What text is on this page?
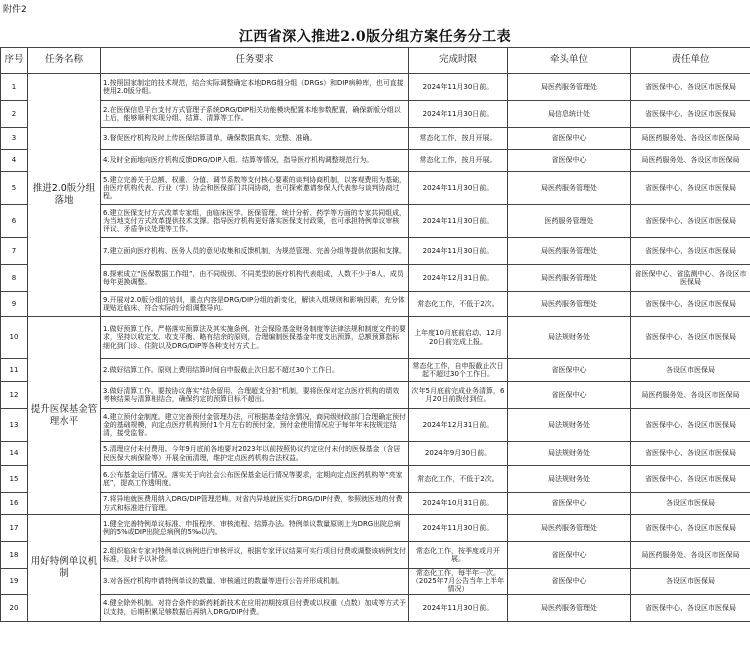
附件2
江西省深入推进2.0版分组方案任务分工表
序号	任务名称	任务要求	完成时限	牵头单位	责任单位
1	推进2.0版分组落地	1.按照国家制定的技术规范，结合实际调整确定本地DRG细分组（DRGs）和DIP病种库，也可直接使用2.0版分组。	2024年11月30日前。	局医药服务管理处	省医保中心、各设区市医保局
2		2.在医保信息平台支付方式管理子系统DRG/DIP相关功能模块配置本地参数配置，确保新版分组以上后，能够顺利实现分组、结算、清算等工作。	2024年11月30日前。	局信息统计处	省医保中心、各设区市医保局
3		3.督促医疗机构及时上传医保结算清单，确保数据真实、完整、准确。	常态化工作，按月开展。	省医保中心	局医药服务处、各设区市医保局
4		4.及时全面地向医疗机构反馈DRG/DIP入组、结算等情况，指导医疗机构调整规范行为。	常态化工作，按月开展。	省医保中心	局医药服务处、各设区市医保局
5		5.建立完善关于总额、权重、分值、调节系数等支付核心要素的谈判协商机制，以客观费用为基础，由医疗机构代表、行业（学）协会和医保部门共同协商，也可探索邀请参保人代表参与谈判协商过程。	2024年11月30日前。	局医药服务管理处	省医保中心、各设区市医保局
6		6.建立医保支付方式改革专家组，由临床医学、医保管理、统计分析、药学等方面的专家共同组成，为当地支付方式改革提供技术支撑。指导医疗机构更好落实医保支付政策，也可承担特例单议审核评议、矛盾争议处理等工作。	2024年11月30日前。	医药服务管理处	省医保中心、各设区市医保局
7		7.建立面向医疗机构、医务人员的意见收集和反馈机制，为规范管理、完善分组等提供依据和支撑。	2024年11月30日前。	局医药服务管理处	省医保中心、各设区市医保局
8		8.探索成立“医保数据工作组”，由不同级别、不同类型的医疗机构代表组成，人数不少于8人，成员每年更换调整。	2024年12月31日前。	局医药服务管理处	省医保中心、省监测中心、各设区市医保局
9		9.开展对2.0版分组的培训，重点内容是DRG/DIP分组的新变化，解读入组规则和影响因素，充分体现贴近临床、符合实际的分组调整导向。	常态化工作，不低于2次。	局医药服务管理处	省医保中心、各设区市医保局
10	提升医保基金管理水平	1.做好预算工作。严格落实预算法及其实施条例、社会保险基金财务制度等法律法规和制度文件的要求，坚持以收定支、收支平衡、略有结余的原则，合理编制医保基金年度支出预算，总额预算指标细化到门诊、住院以及DRG/DIP等各种支付方式上。	上年度10月底前启动、12月20日前完成上报。	局法规财务处	省医保中心、各设区市医保局
11		2.做好结算工作。原则上费用结算时间自申报截止次日起不超过30个工作日。	常态化工作，自申报截止次日起不超过30个工作日。	省医保中心	各设区市医保局
12		3.做好清算工作。要按协议落实“结余留用、合理超支分担”机制，要将医保对定点医疗机构的绩效考核结果与清算相结合，确保约定的预算目标不超出。	次年5月底前完成业务清算，6月20日前拨付到位。	省医保中心	局医药服务处、各设区市医保局
13		4.建立预付金制度。建立完善预付金管理办法，可根据基金结余情况，商同级财政部门合理确定预付金的基础规模，向定点医疗机构预付1个月左右的预付金，预付金使用情况应于每年年末按规定结清，接受监督。	2024年12月31日前。	局法规财务处	省医保中心、各设区市医保局
14		5.清理应付未付费用。今年9月底前各地要对2023年以前按照协议约定应付未付的医保基金（含居民医保大病保险等）开展全面清理，维护定点医药机构合法权益。	2024年9月30日前。	局法规财务处	省医保中心、各设区市医保局
15		6.公布基金运行情况。落实关于向社会公布医保基金运行情况等要求，定期向定点医药机构等“亮家底”，提高工作透明度。	常态化工作，不低于2次。	局法规财务处	省医保中心、各设区市医保局
16		7.将异地就医费用纳入DRG/DIP管理范畴。对省内异地就医实行DRG/DIP付费，参照就医地的付费方式和标准进行管理。	2024年10月31日前。	省医保中心	各设区市医保局
17	用好特例单议机制	1.健全完善特例单议标准、申报程序、审核流程、结算办法。特例单议数量原则上为DRG出院总病例的5%或DIP出院总病例的5‰以内。	2024年11月30日前。	局医药服务管理处	省医保中心、各设区市医保局
18		2.组织临床专家对特例单议病例进行审核评议，根据专家评议结果可实行项目付费或调整该病例支付标准，及时予以补偿。	常态化工作，按季度或月开展。	省医保中心	局医药服务处、各设区市医保局
19		3.对各医疗机构申请特例单议的数量、审核通过的数量等进行公告并形成机制。	常态化工作，每半年一次。（2025年7月公告当年上半年情况）	省医保中心	各设区市医保局
20		4.健全除外机制。对符合条件的新药耗新技术在应用初期按项目付费或以权重（点数）加成等方式予以支持，后期积累足够数据后再纳入DRG/DIP付费。	2024年11月30日前。	局医药服务管理处	省医保中心、各设区市医保局
